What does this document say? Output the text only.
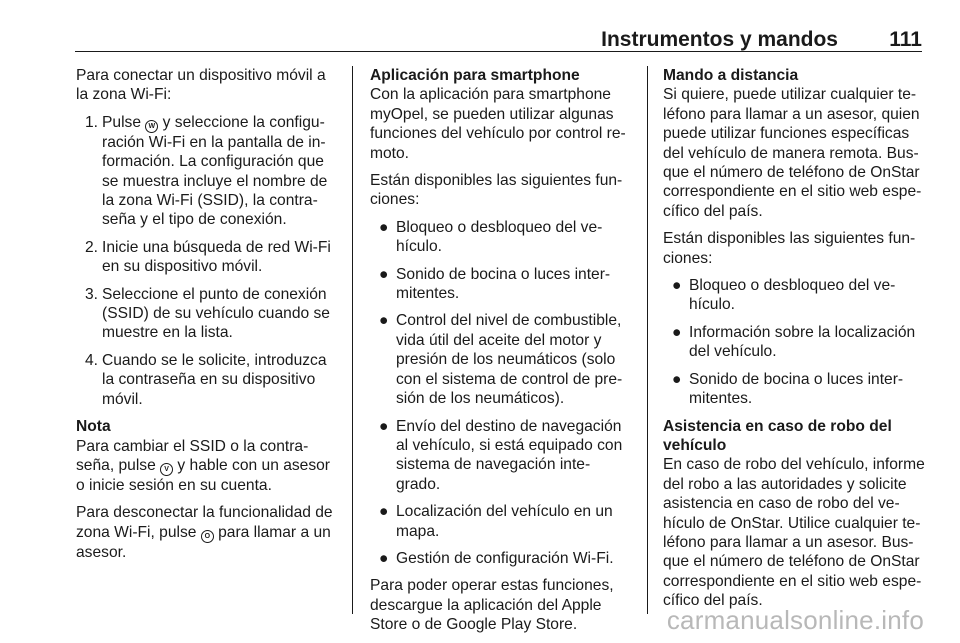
Instrumentos y mandos 111

Para conectar un dispositivo móvil a la zona Wi-Fi:

1. Pulse W y seleccione la configu- ración Wi-Fi en la pantalla de in- formación. La configuración que se muestra incluye el nombre de la zona Wi-Fi (SSID), la contra- seña y el tipo de conexión.
2. Inicie una búsqueda de red Wi-Fi en su dispositivo móvil.
3. Seleccione el punto de conexión (SSID) de su vehículo cuando se muestre en la lista.
4. Cuando se le solicite, introduzca la contraseña en su dispositivo móvil.

Nota
Para cambiar el SSID o la contra- seña, pulse V y hable con un asesor o inicie sesión en su cuenta.

Para desconectar la funcionalidad de zona Wi-Fi, pulse O para llamar a un asesor.

Aplicación para smartphone
Con la aplicación para smartphone myOpel, se pueden utilizar algunas funciones del vehículo por control re- moto.

Están disponibles las siguientes fun- ciones:

● Bloqueo o desbloqueo del ve- hículo.
● Sonido de bocina o luces inter- mitentes.
● Control del nivel de combustible, vida útil del aceite del motor y presión de los neumáticos (solo con el sistema de control de pre- sión de los neumáticos).
● Envío del destino de navegación al vehículo, si está equipado con sistema de navegación inte- grado.
● Localización del vehículo en un mapa.
● Gestión de configuración Wi-Fi.

Para poder operar estas funciones, descargue la aplicación del Apple Store o de Google Play Store.

Mando a distancia
Si quiere, puede utilizar cualquier te- léfono para llamar a un asesor, quien puede utilizar funciones específicas del vehículo de manera remota. Bus- que el número de teléfono de OnStar correspondiente en el sitio web espe- cífico del país.

Están disponibles las siguientes fun- ciones:

● Bloqueo o desbloqueo del ve- hículo.
● Información sobre la localización del vehículo.
● Sonido de bocina o luces inter- mitentes.

Asistencia en caso de robo del vehículo
En caso de robo del vehículo, informe del robo a las autoridades y solicite asistencia en caso de robo del ve- hículo de OnStar. Utilice cualquier te- léfono para llamar a un asesor. Bus- que el número de teléfono de OnStar correspondiente en el sitio web espe- cífico del país.

carmanualsonline.info
